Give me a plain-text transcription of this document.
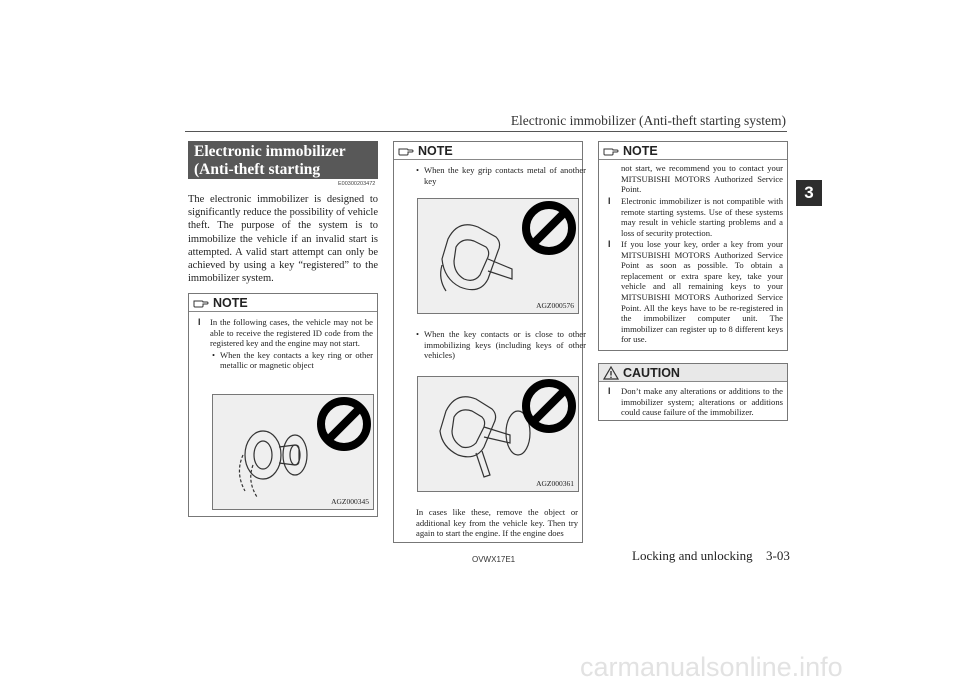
Electronic immobilizer (Anti-theft starting system)
3
Electronic immobilizer
(Anti-theft starting system)	E00300203472
The electronic immobilizer is designed to significantly reduce the possibility of vehicle theft. The purpose of the system is to immobilize the vehicle if an invalid start is attempted. A valid start attempt can only be achieved by using a key “registered” to the immobilizer system.
NOTE
l In the following cases, the vehicle may not be able to receive the registered ID code from the registered key and the engine may not start.
• When the key contacts a key ring or other metallic or magnetic object
AGZ000345
NOTE
• When the key grip contacts metal of another key
AGZ000576
• When the key contacts or is close to other immobilizing keys (including keys of other vehicles)
AGZ000361
In cases like these, remove the object or additional key from the vehicle key. Then try again to start the engine. If the engine does
NOTE
not start, we recommend you to contact your MITSUBISHI MOTORS Authorized Service Point.
l Electronic immobilizer is not compatible with remote starting systems. Use of these systems may result in vehicle starting problems and a loss of security protection.
l If you lose your key, order a key from your MITSUBISHI MOTORS Authorized Service Point as soon as possible. To obtain a replacement or extra spare key, take your vehicle and all remaining keys to your MITSUBISHI MOTORS Authorized Service Point. All the keys have to be re-registered in the immobilizer computer unit. The immobilizer can register up to 8 different keys for use.
CAUTION
l Don’t make any alterations or additions to the immobilizer system; alterations or additions could cause failure of the immobilizer.
OVWX17E1	Locking and unlocking 3-03
carmanualsonline.info
